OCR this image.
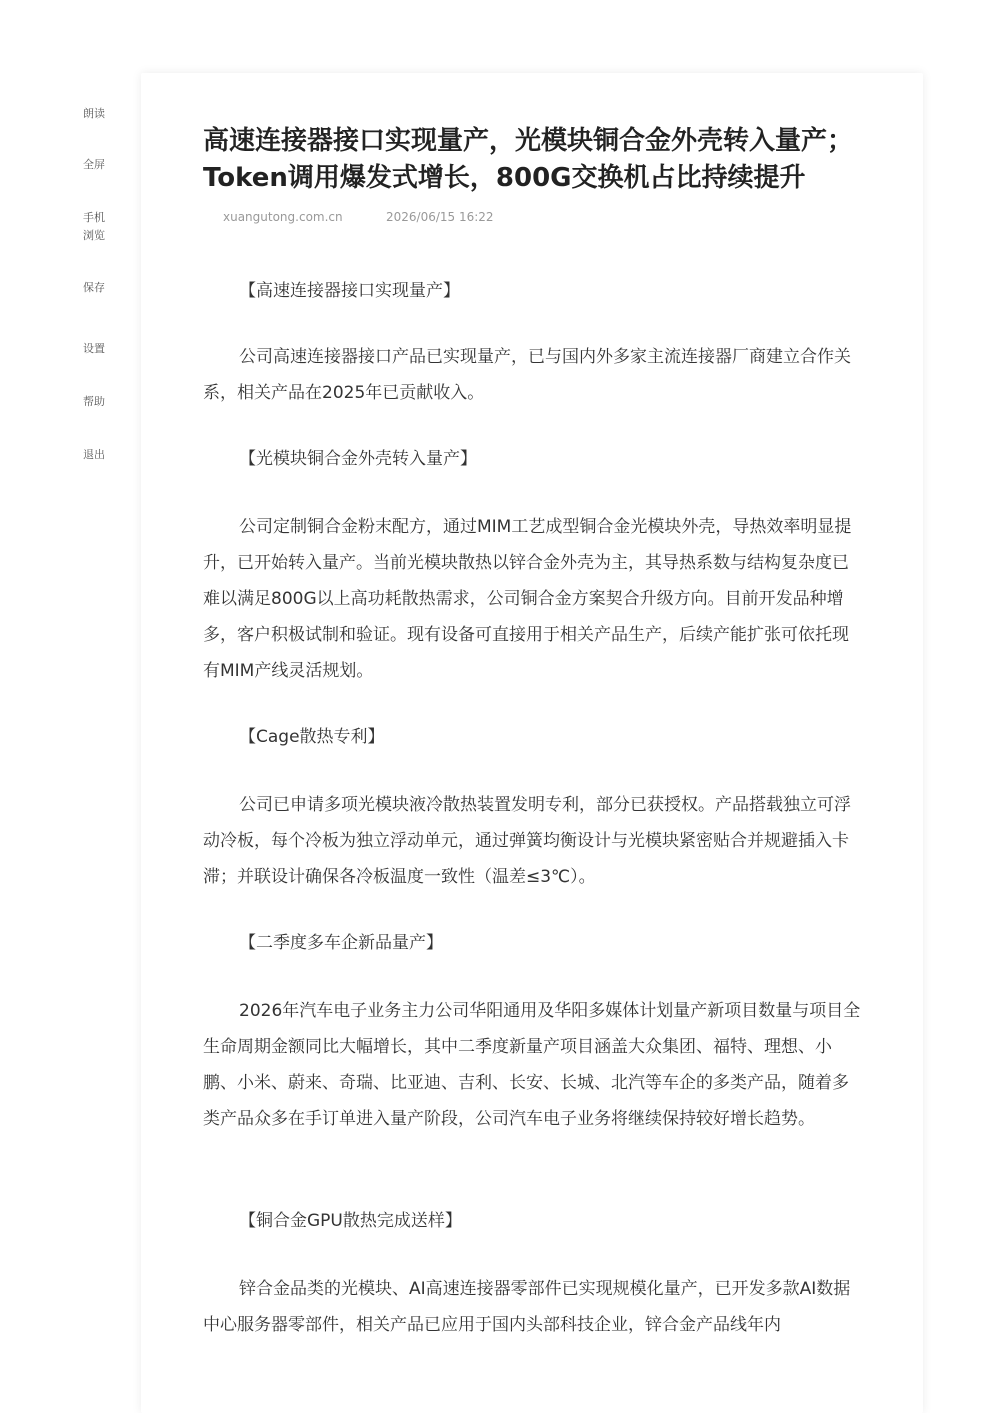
朗读
全屏
手机
浏览
保存
设置
帮助
退出
高速连接器接口实现量产，光模块铜合金外壳转入量产；Token调用爆发式增长，800G交换机占比持续提升
xuangutong.com.cn	2026/06/15 16:22
【高速连接器接口实现量产】
公司高速连接器接口产品已实现量产，已与国内外多家主流连接器厂商建立合作关系，相关产品在2025年已贡献收入。
【光模块铜合金外壳转入量产】
公司定制铜合金粉末配方，通过MIM工艺成型铜合金光模块外壳，导热效率明显提升，已开始转入量产。当前光模块散热以锌合金外壳为主，其导热系数与结构复杂度已难以满足800G以上高功耗散热需求，公司铜合金方案契合升级方向。目前开发品种增多，客户积极试制和验证。现有设备可直接用于相关产品生产，后续产能扩张可依托现有MIM产线灵活规划。
【Cage散热专利】
公司已申请多项光模块液冷散热装置发明专利，部分已获授权。产品搭载独立可浮动冷板，每个冷板为独立浮动单元，通过弹簧均衡设计与光模块紧密贴合并规避插入卡滞；并联设计确保各冷板温度一致性（温差≤3℃）。
【二季度多车企新品量产】
2026年汽车电子业务主力公司华阳通用及华阳多媒体计划量产新项目数量与项目全生命周期金额同比大幅增长，其中二季度新量产项目涵盖大众集团、福特、理想、小鹏、小米、蔚来、奇瑞、比亚迪、吉利、长安、长城、北汽等车企的多类产品，随着多类产品众多在手订单进入量产阶段，公司汽车电子业务将继续保持较好增长趋势。
【铜合金GPU散热完成送样】
锌合金品类的光模块、AI高速连接器零部件已实现规模化量产，已开发多款AI数据中心服务器零部件，相关产品已应用于国内头部科技企业，锌合金产品线年内
